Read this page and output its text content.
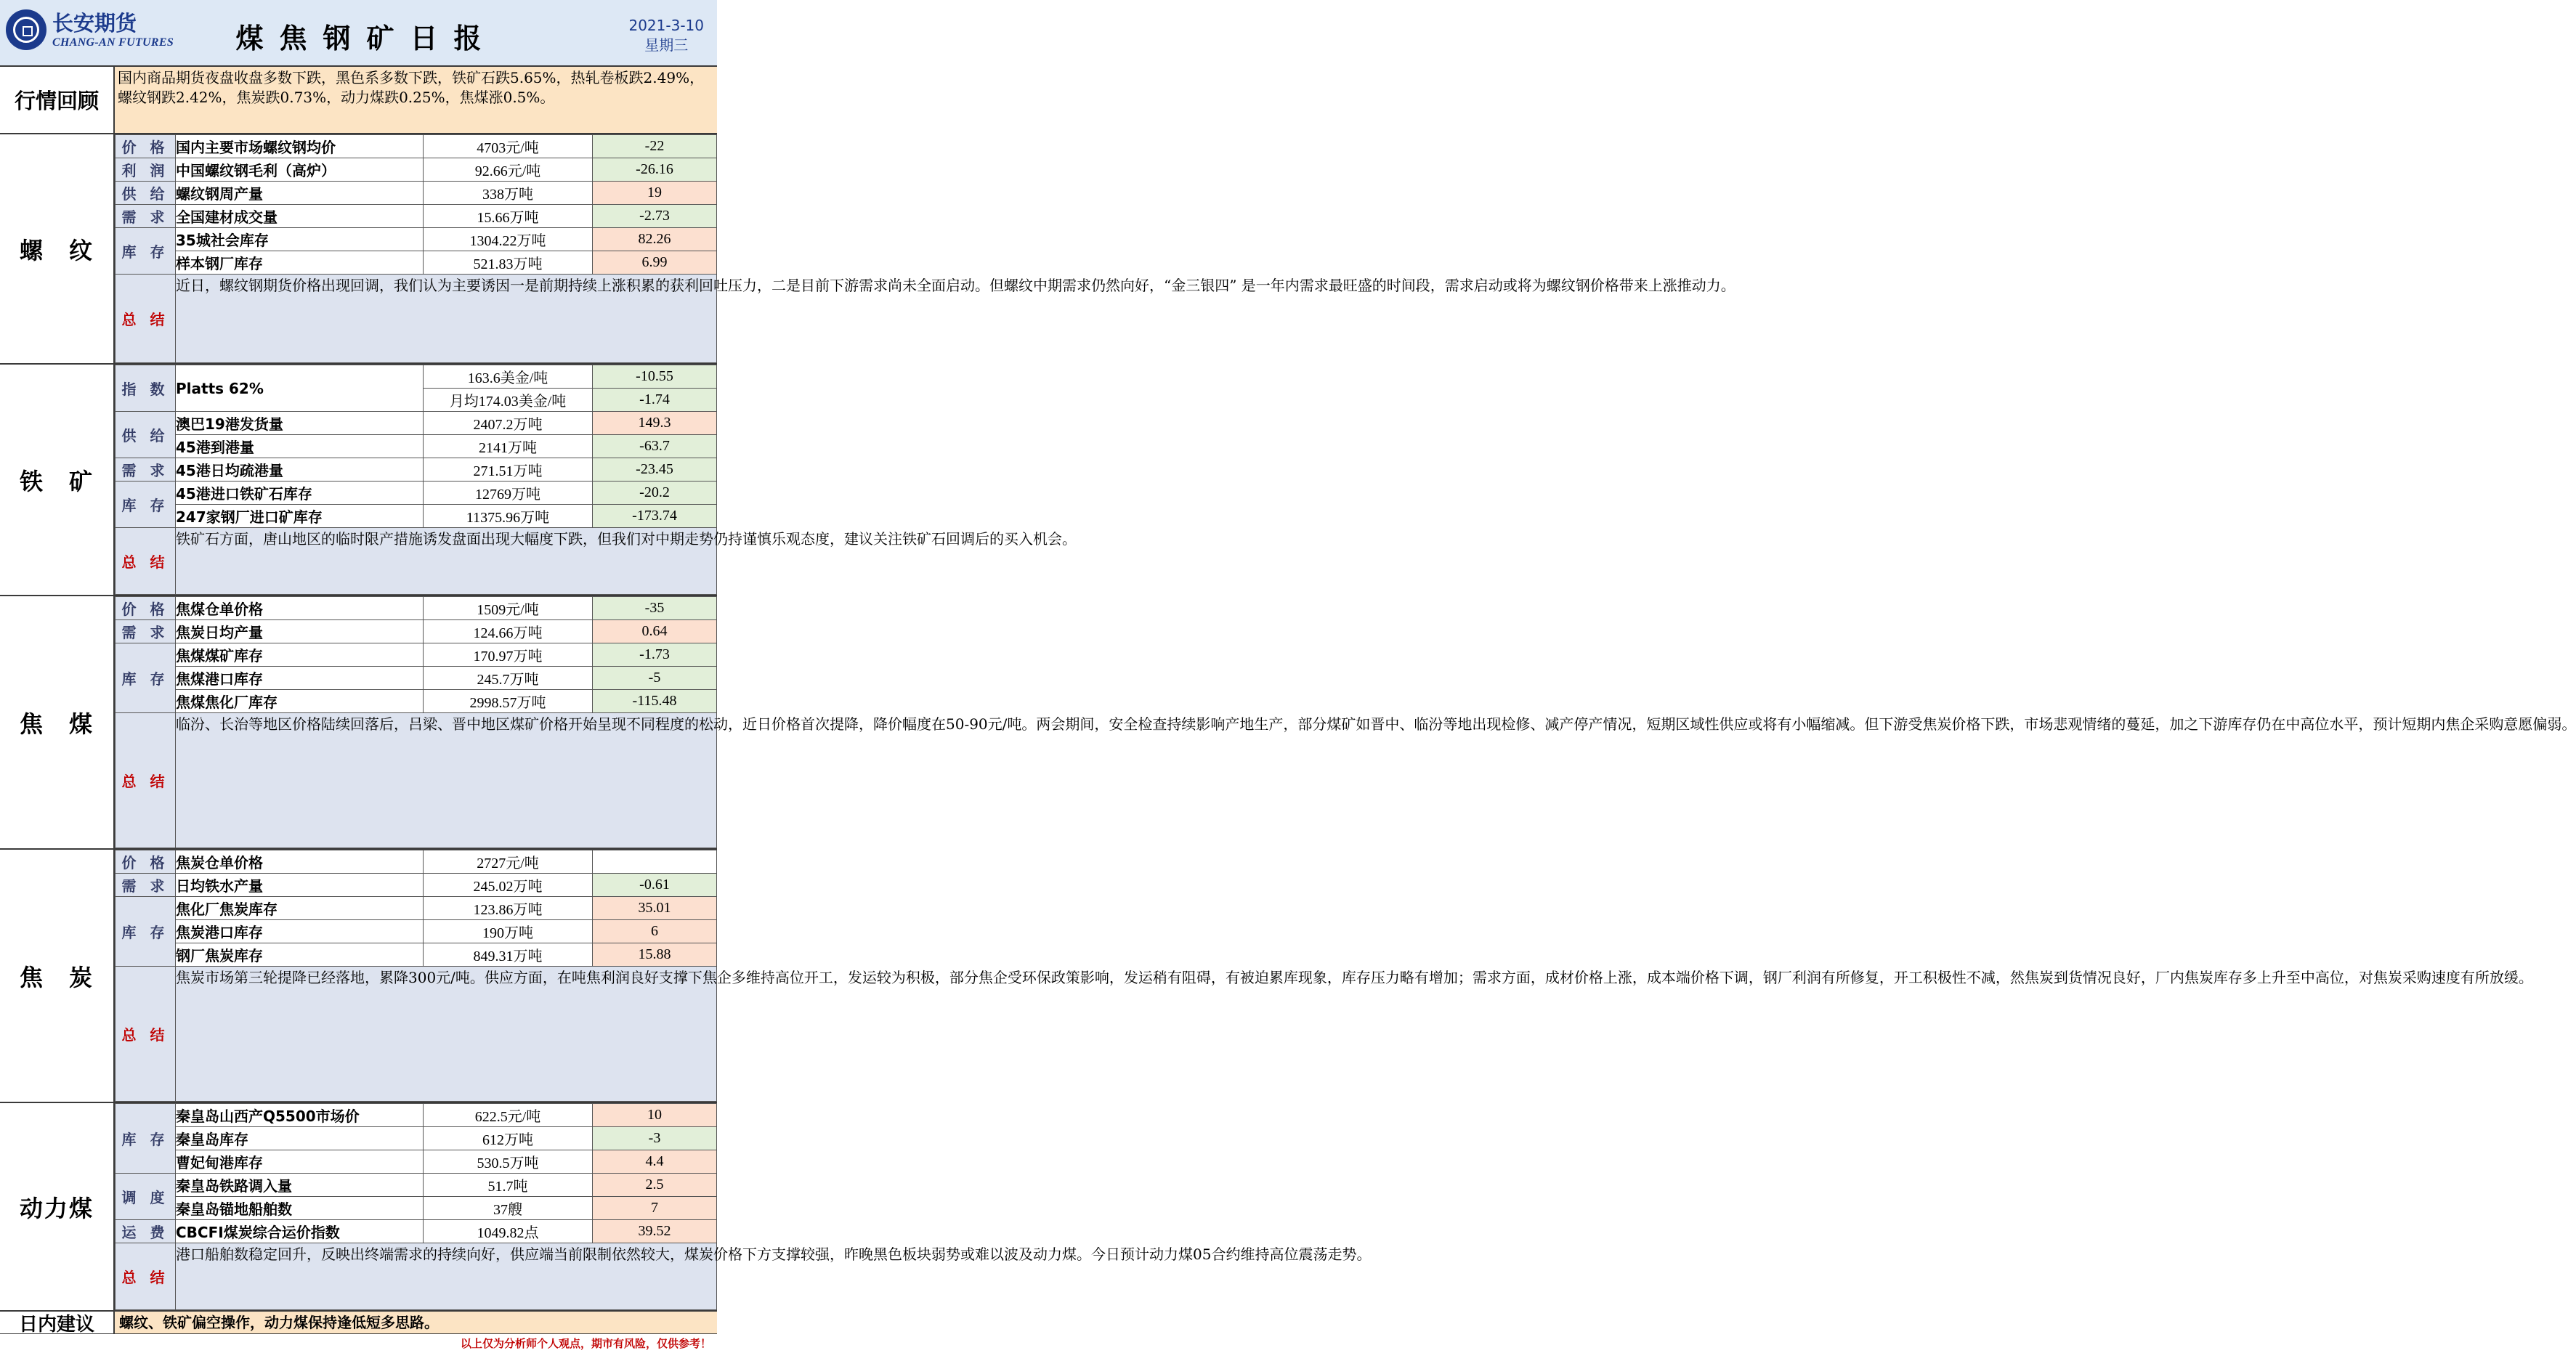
长安期货
CHANG-AN FUTURES	煤焦钢矿日报	2021-3-10
星期三
行情回顾
国内商品期货夜盘收盘多数下跌，黑色系多数下跌，铁矿石跌5.65%，热轧卷板跌2.49%，螺纹钢跌2.42%，焦炭跌0.73%，动力煤跌0.25%，焦煤涨0.5%。
螺　纹
价 格	国内主要市场螺纹钢均价	4703元/吨	-22
利 润	中国螺纹钢毛利（高炉）	92.66元/吨	-26.16
供 给	螺纹钢周产量	338万吨	19
需 求	全国建材成交量	15.66万吨	-2.73
库 存	35城社会库存	1304.22万吨	82.26
	样本钢厂库存	521.83万吨	6.99
总 结	近日，螺纹钢期货价格出现回调，我们认为主要诱因一是前期持续上涨积累的获利回吐压力，二是目前下游需求尚未全面启动。但螺纹中期需求仍然向好，“金三银四” 是一年内需求最旺盛的时间段，需求启动或将为螺纹钢价格带来上涨推动力。		
铁　矿
指 数	Platts 62%	163.6美金/吨	-10.55
		月均174.03美金/吨	-1.74
供 给	澳巴19港发货量	2407.2万吨	149.3
	45港到港量	2141万吨	-63.7
需 求	45港日均疏港量	271.51万吨	-23.45
库 存	45港进口铁矿石库存	12769万吨	-20.2
	247家钢厂进口矿库存	11375.96万吨	-173.74
总 结	铁矿石方面，唐山地区的临时限产措施诱发盘面出现大幅度下跌，但我们对中期走势仍持谨慎乐观态度，建议关注铁矿石回调后的买入机会。		
焦　煤
价 格	焦煤仓单价格	1509元/吨	-35
需 求	焦炭日均产量	124.66万吨	0.64
库 存	焦煤煤矿库存	170.97万吨	-1.73
	焦煤港口库存	245.7万吨	-5
	焦煤焦化厂库存	2998.57万吨	-115.48
总 结	临汾、长治等地区价格陆续回落后，吕梁、晋中地区煤矿价格开始呈现不同程度的松动，近日价格首次提降，降价幅度在50-90元/吨。两会期间，安全检查持续影响产地生产，部分煤矿如晋中、临汾等地出现检修、减产停产情况，短期区域性供应或将有小幅缩减。但下游受焦炭价格下跌，市场悲观情绪的蔓延，加之下游库存仍在中高位水平，预计短期内焦企采购意愿偏弱。		
焦　炭
价 格	焦炭仓单价格	2727元/吨	
需 求	日均铁水产量	245.02万吨	-0.61
库 存	焦化厂焦炭库存	123.86万吨	35.01
	焦炭港口库存	190万吨	6
	钢厂焦炭库存	849.31万吨	15.88
总 结	焦炭市场第三轮提降已经落地，累降300元/吨。供应方面，在吨焦利润良好支撑下焦企多维持高位开工，发运较为积极，部分焦企受环保政策影响，发运稍有阻碍，有被迫累库现象，库存压力略有增加；需求方面，成材价格上涨，成本端价格下调，钢厂利润有所修复，开工积极性不减，然焦炭到货情况良好，厂内焦炭库存多上升至中高位，对焦炭采购速度有所放缓。		
动力煤
库 存	秦皇岛山西产Q5500市场价	622.5元/吨	10
	秦皇岛库存	612万吨	-3
	曹妃甸港库存	530.5万吨	4.4
调 度	秦皇岛铁路调入量	51.7吨	2.5
	秦皇岛锚地船舶数	37艘	7
运 费	CBCFI煤炭综合运价指数	1049.82点	39.52
总 结	港口船舶数稳定回升，反映出终端需求的持续向好，供应端当前限制依然较大，煤炭价格下方支撑较强，昨晚黑色板块弱势或难以波及动力煤。今日预计动力煤05合约维持高位震荡走势。		
日内建议	螺纹、铁矿偏空操作，动力煤保持逢低短多思路。
以上仅为分析师个人观点，期市有风险，仅供参考！
